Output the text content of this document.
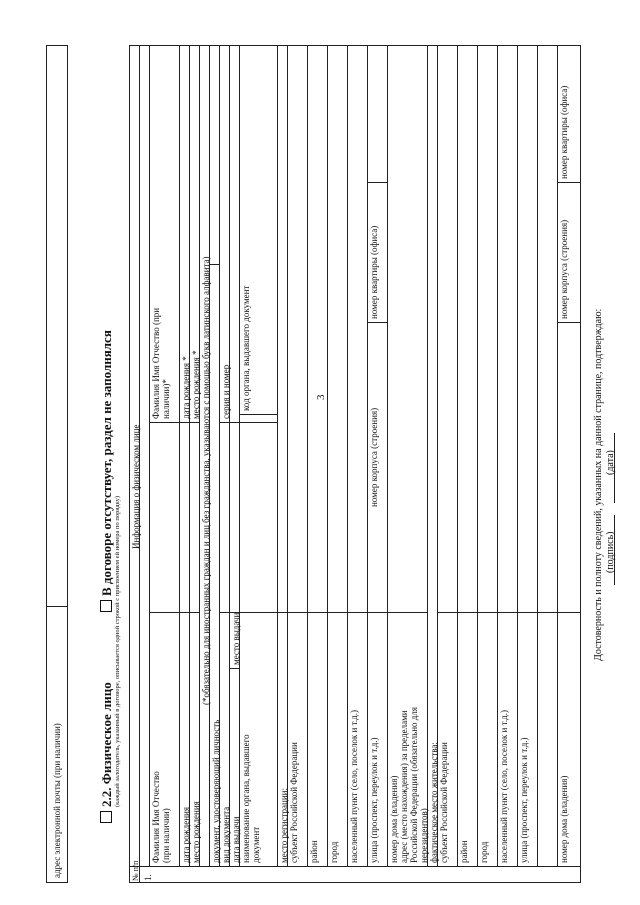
3
адрес электронной почты (при наличии)	2.2. Физическое лицо (каждый залогодатель, указанный в договоре, описывается одной строкой с присвоением ей номера по порядку)
В договоре отсутствует, раздел не заполнялся
№ п/п
Информация о физическом лице
1.
Фамилия Имя Отчество (при наличии)
Фамилия Имя Отчество (при наличии)*
дата рождения
дата рождения *
место рождения
место рождения * (*обязательно для иностранных граждан и лиц без гражданства, указываются с помощью букв латинского алфавита)
документ, удостоверяющий личность вид документа
серия и номер
дата выдачи
место выдачи
наименование органа, выдавшего документ
код органа, выдавшего документ
место регистрации: субъект Российской Федерации район город населенный пункт (село, поселок и т.д.) улица (проспект, переулок и т.д.) номер дома (владения)
номер корпуса (строения)
номер квартиры (офиса)
адрес (место нахождения) за пределами Российской Федерации (обязательно для нерезидентов) фактическое место жительства: субъект Российской Федерации район город населенный пункт (село, поселок и т.д.) улица (проспект, переулок и т.д.)	номер дома (владения)
номер корпуса (строения)
номер квартиры (офиса)
Достоверность и полноту сведений, указанных на данной странице, подтверждаю: (подпись)
(дата)
